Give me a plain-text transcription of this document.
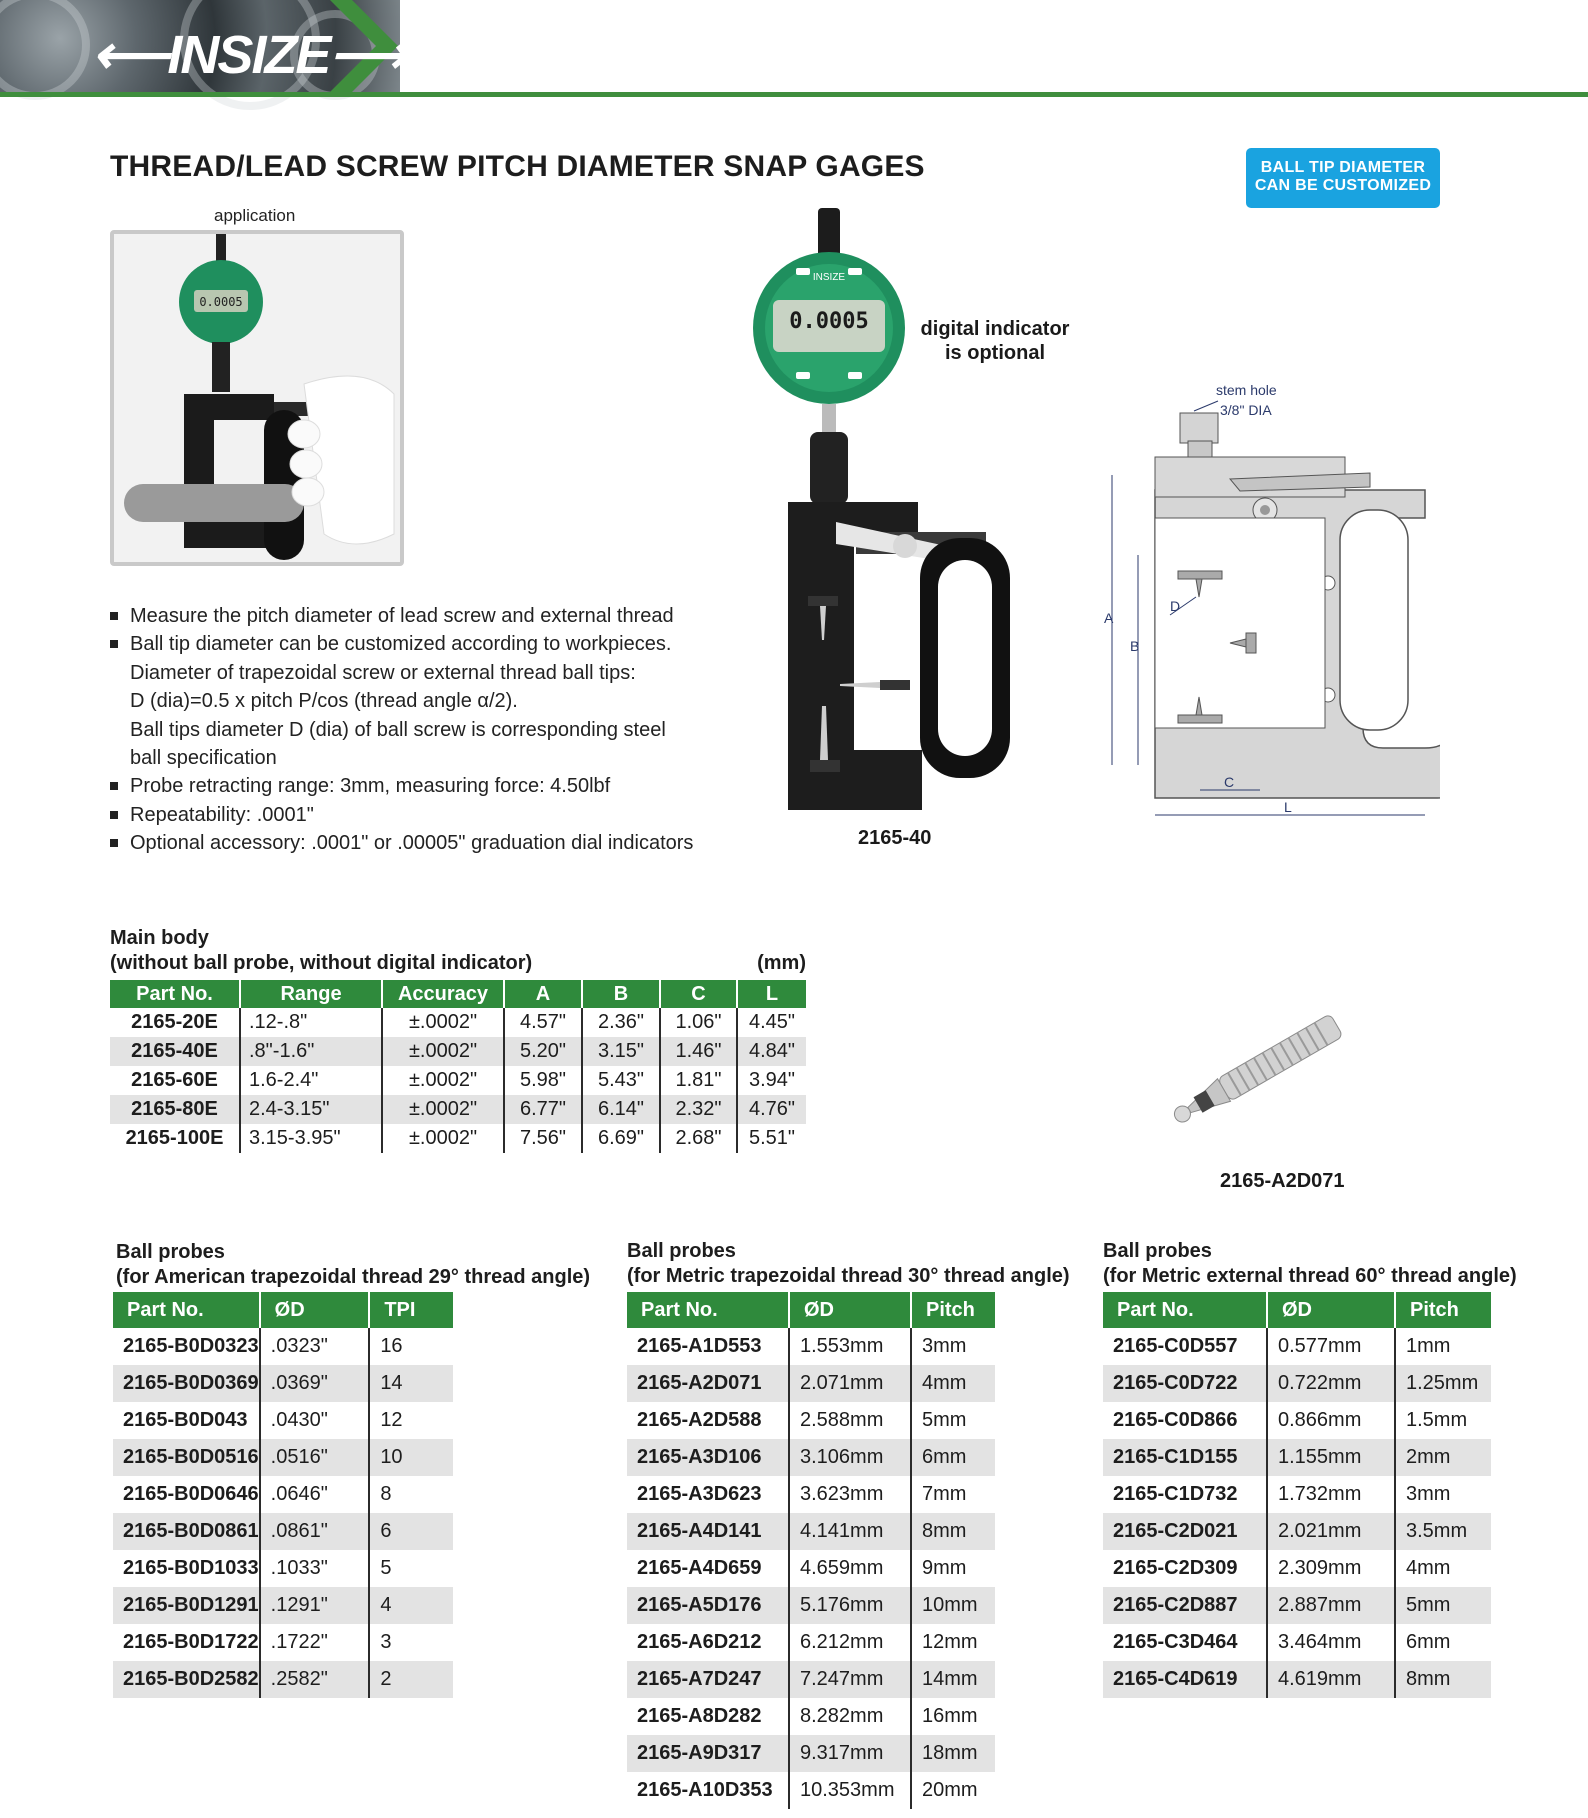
⟵INSIZE⟶
THREAD/LEAD SCREW PITCH DIAMETER SNAP GAGES	BALL TIP DIAMETER
CAN BE CUSTOMIZED
application
0.0005
Measure the pitch diameter of lead screw and external thread
Ball tip diameter can be customized according to workpieces.
Diameter of trapezoidal screw or external thread ball tips:
D (dia)=0.5 x pitch P/cos (thread angle α/2).
Ball tips diameter D (dia) of ball screw is corresponding steel
ball specification
Probe retracting range: 3mm, measuring force: 4.50lbf
Repeatability: .0001"
Optional accessory: .0001" or .00005" graduation dial indicators
0.0005
INSIZE
digital indicator
is optional
2165-40
stem hole
3/8" DIA
A
B
D
C
L
2165-A2D071
Main body
(without ball probe, without digital indicator)	(mm)
Part No.	Range	Accuracy	A	B	C	L
2165-20E	.12-.8"	±.0002"	4.57"	2.36"	1.06"	4.45"
2165-40E	.8"-1.6"	±.0002"	5.20"	3.15"	1.46"	4.84"
2165-60E	1.6-2.4"	±.0002"	5.98"	5.43"	1.81"	3.94"
2165-80E	2.4-3.15"	±.0002"	6.77"	6.14"	2.32"	4.76"
2165-100E	3.15-3.95"	±.0002"	7.56"	6.69"	2.68"	5.51"
Ball probes
(for American trapezoidal thread 29° thread angle)
Part No.	ØD	TPI
2165-B0D0323	.0323"	16
2165-B0D0369	.0369"	14
2165-B0D043	.0430"	12
2165-B0D0516	.0516"	10
2165-B0D0646	.0646"	8
2165-B0D0861	.0861"	6
2165-B0D1033	.1033"	5
2165-B0D1291	.1291"	4
2165-B0D1722	.1722"	3
2165-B0D2582	.2582"	2
Ball probes
(for Metric trapezoidal thread 30° thread angle)
Part No.	ØD	Pitch
2165-A1D553	1.553mm	3mm
2165-A2D071	2.071mm	4mm
2165-A2D588	2.588mm	5mm
2165-A3D106	3.106mm	6mm
2165-A3D623	3.623mm	7mm
2165-A4D141	4.141mm	8mm
2165-A4D659	4.659mm	9mm
2165-A5D176	5.176mm	10mm
2165-A6D212	6.212mm	12mm
2165-A7D247	7.247mm	14mm
2165-A8D282	8.282mm	16mm
2165-A9D317	9.317mm	18mm
2165-A10D353	10.353mm	20mm
Ball probes
(for Metric external thread 60° thread angle)
Part No.	ØD	Pitch
2165-C0D557	0.577mm	1mm
2165-C0D722	0.722mm	1.25mm
2165-C0D866	0.866mm	1.5mm
2165-C1D155	1.155mm	2mm
2165-C1D732	1.732mm	3mm
2165-C2D021	2.021mm	3.5mm
2165-C2D309	2.309mm	4mm
2165-C2D887	2.887mm	5mm
2165-C3D464	3.464mm	6mm
2165-C4D619	4.619mm	8mm
